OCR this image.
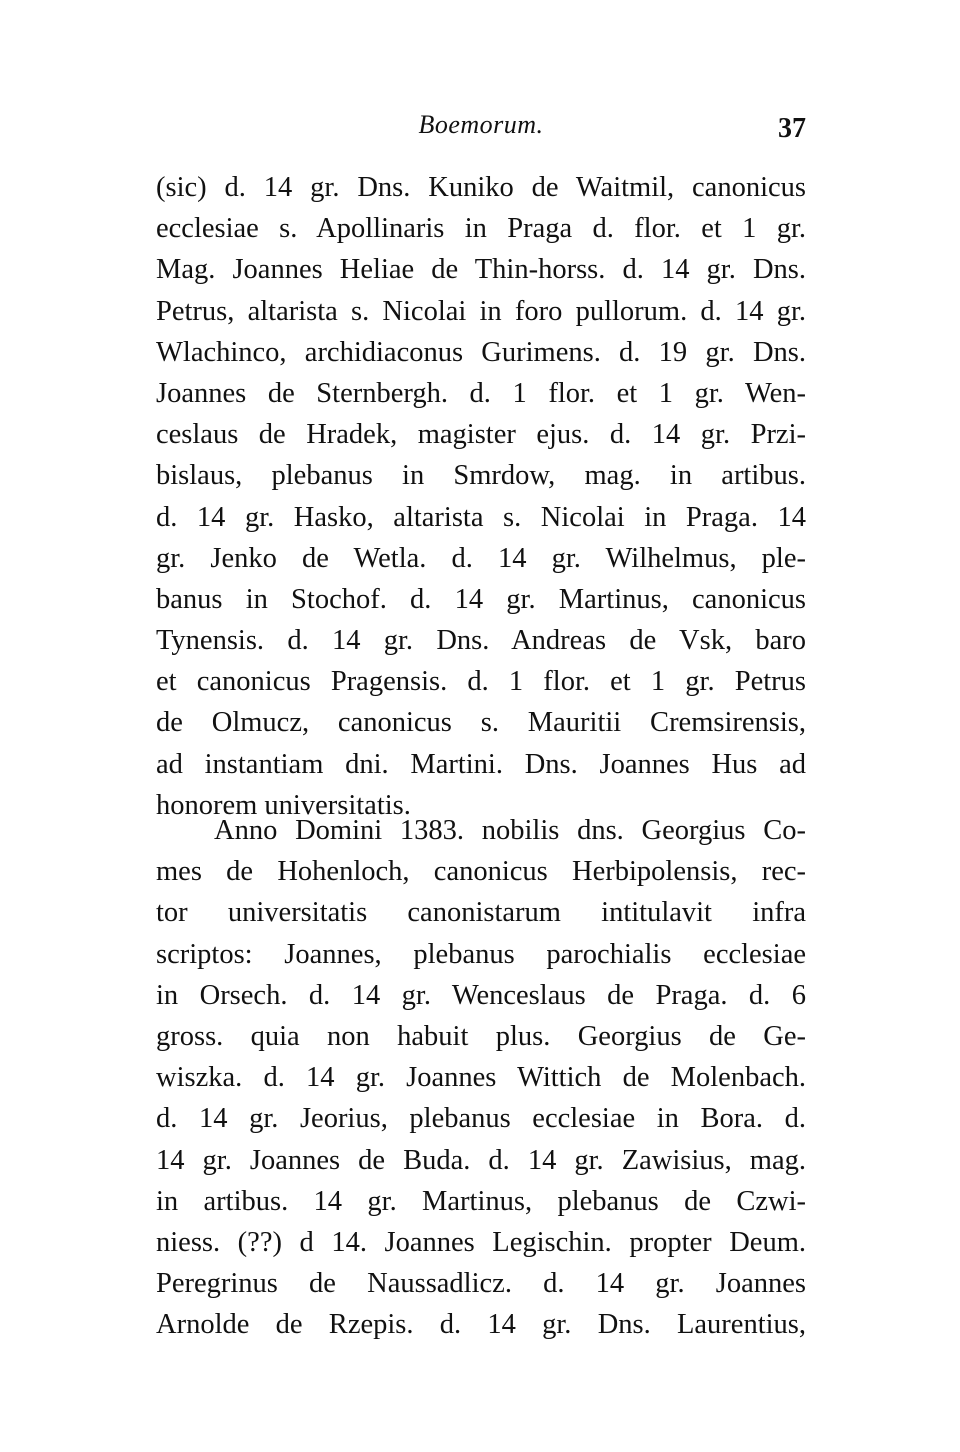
Boemorum.	37
(sic) d. 14 gr. Dns. Kuniko de Waitmil, canonicus
ecclesiae s. Apollinaris in Praga d. flor. et 1 gr.
Mag. Joannes Heliae de Thin-horss. d. 14 gr. Dns.
Petrus, altarista s. Nicolai in foro pullorum. d. 14 gr.
Wlachinco, archidiaconus Gurimens. d. 19 gr. Dns.
Joannes de Sternbergh. d. 1 flor. et 1 gr. Wen-
ceslaus de Hradek, magister ejus. d. 14 gr. Przi-
bislaus, plebanus in Smrdow, mag. in artibus.
d. 14 gr. Hasko, altarista s. Nicolai in Praga. 14
gr. Jenko de Wetla. d. 14 gr. Wilhelmus, ple-
banus in Stochof. d. 14 gr. Martinus, canonicus
Tynensis. d. 14 gr. Dns. Andreas de Vsk, baro
et canonicus Pragensis. d. 1 flor. et 1 gr. Petrus
de Olmucz, canonicus s. Mauritii Cremsirensis,
ad instantiam dni. Martini. Dns. Joannes Hus ad
honorem universitatis.
Anno Domini 1383. nobilis dns. Georgius Co-
mes de Hohenloch, canonicus Herbipolensis, rec-
tor universitatis canonistarum intitulavit infra
scriptos: Joannes, plebanus parochialis ecclesiae
in Orsech. d. 14 gr. Wenceslaus de Praga. d. 6
gross. quia non habuit plus. Georgius de Ge-
wiszka. d. 14 gr. Joannes Wittich de Molenbach.
d. 14 gr. Jeorius, plebanus ecclesiae in Bora. d.
14 gr. Joannes de Buda. d. 14 gr. Zawisius, mag.
in artibus. 14 gr. Martinus, plebanus de Czwi-
niess. (??) d 14. Joannes Legischin. propter Deum.
Peregrinus de Naussadlicz. d. 14 gr. Joannes
Arnolde de Rzepis. d. 14 gr. Dns. Laurentius,
